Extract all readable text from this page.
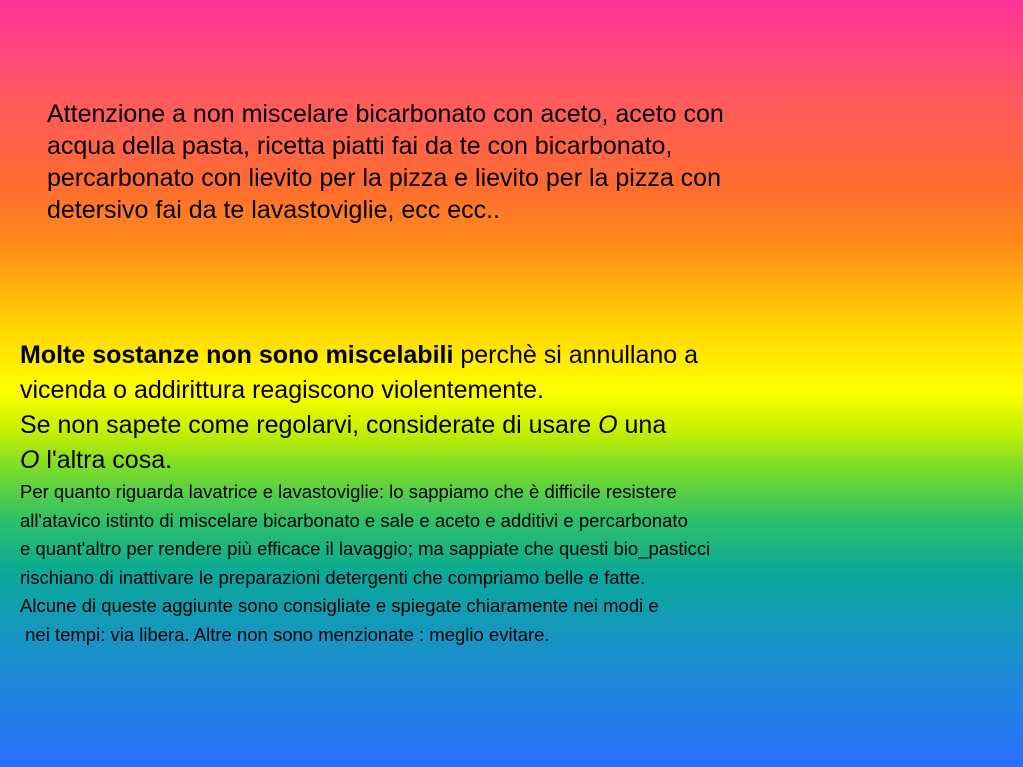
Attenzione a non miscelare bicarbonato con aceto, aceto con
acqua della pasta, ricetta piatti fai da te con bicarbonato,
percarbonato con lievito per la pizza e lievito per la pizza con
detersivo fai da te lavastoviglie, ecc ecc..

Molte sostanze non sono miscelabili perchè si annullano a
vicenda o addirittura reagiscono violentemente.
Se non sapete come regolarvi, considerate di usare O una
O l'altra cosa.
Per quanto riguarda lavatrice e lavastoviglie: lo sappiamo che è difficile resistere
all'atavico istinto di miscelare bicarbonato e sale e aceto e additivi e percarbonato
e quant'altro per rendere più efficace il lavaggio; ma sappiate che questi bio_pasticci
rischiano di inattivare le preparazioni detergenti che compriamo belle e fatte.
Alcune di queste aggiunte sono consigliate e spiegate chiaramente nei modi e
nei tempi: via libera. Altre non sono menzionate : meglio evitare.
